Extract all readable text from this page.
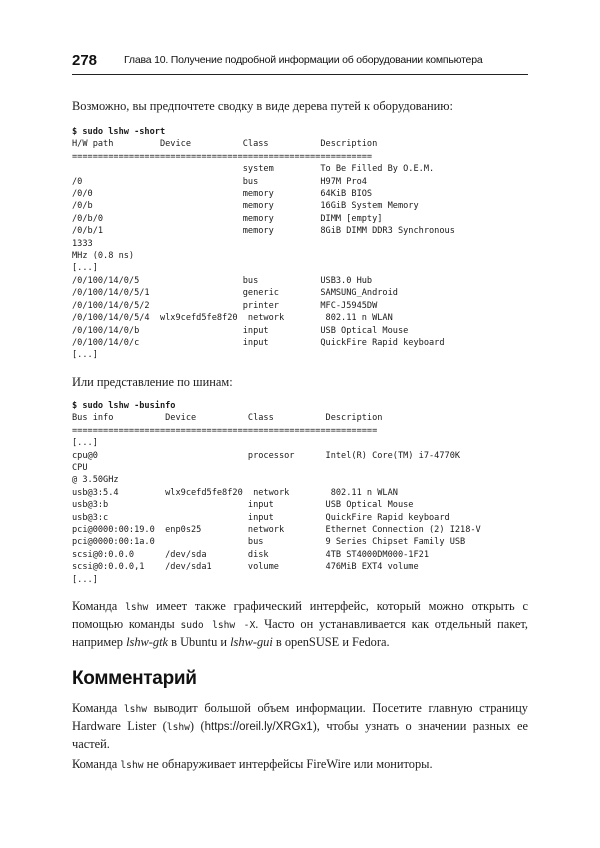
278	Глава 10. Получение подробной информации об оборудовании компьютера
Возможно, вы предпочтете сводку в виде дерева путей к оборудованию:
$ sudo lshw -short
H/W path         Device          Class          Description
==========================================================
system         To Be Filled By O.E.M.
/0                               bus            H97M Pro4
/0/0                             memory         64KiB BIOS
/0/b                             memory         16GiB System Memory
/0/b/0                           memory         DIMM [empty]
/0/b/1                           memory         8GiB DIMM DDR3 Synchronous
1333
MHz (0.8 ns)
[...]
/0/100/14/0/5                    bus            USB3.0 Hub
/0/100/14/0/5/1                  generic        SAMSUNG_Android
/0/100/14/0/5/2                  printer        MFC-J5945DW
/0/100/14/0/5/4  wlx9cefd5fe8f20  network        802.11 n WLAN
/0/100/14/0/b                    input          USB Optical Mouse
/0/100/14/0/c                    input          QuickFire Rapid keyboard
[...]
Или представление по шинам:
$ sudo lshw -businfo
Bus info          Device          Class          Description
===========================================================
[...]
cpu@0                             processor      Intel(R) Core(TM) i7-4770K
CPU
@ 3.50GHz
usb@3:5.4         wlx9cefd5fe8f20  network        802.11 n WLAN
usb@3:b                           input          USB Optical Mouse
usb@3:c                           input          QuickFire Rapid keyboard
pci@0000:00:19.0  enp0s25         network        Ethernet Connection (2) I218-V
pci@0000:00:1a.0                  bus            9 Series Chipset Family USB
scsi@0:0.0.0      /dev/sda        disk           4TB ST4000DM000-1F21
scsi@0:0.0.0,1    /dev/sda1       volume         476MiB EXT4 volume
[...]
Команда lshw имеет также графический интерфейс, который можно открыть с помощью команды sudo lshw -X. Часто он устанавливается как отдельный пакет, например lshw-gtk в Ubuntu и lshw-gui в openSUSE и Fedora.
Комментарий
Команда lshw выводит большой объем информации. Посетите главную страницу Hardware Lister (lshw) (https://oreil.ly/XRGx1), чтобы узнать о значении разных ее частей.
Команда lshw не обнаруживает интерфейсы FireWire или мониторы.
